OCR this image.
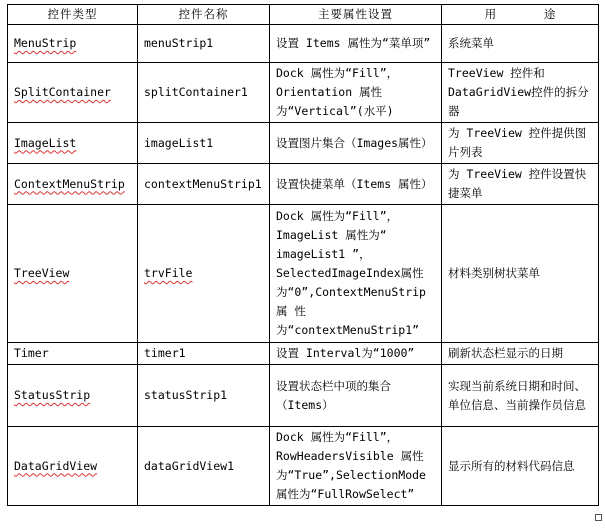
控件类型	控件名称	主要属性设置	用 途
MenuStrip	menuStrip1	设置 Items 属性为“菜单项”	系统菜单
SplitContainer	splitContainer1	Dock 属性为“Fill”，Orientation 属性为“Vertical”(水平)	TreeView 控件和 DataGridView控件的拆分器
ImageList	imageList1	设置图片集合（Images属性）	为 TreeView 控件提供图片列表
ContextMenuStrip	contextMenuStrip1	设置快捷菜单（Items 属性）	为 TreeView 控件设置快捷菜单
TreeView	trvFile	Dock 属性为“Fill”，ImageList 属性为“ imageList1 ”，SelectedImageIndex属性为“0”,ContextMenuStrip 属 性 为“contextMenuStrip1”	材料类别树状菜单
Timer	timer1	设置 Interval为“1000”	刷新状态栏显示的日期
StatusStrip	statusStrip1	设置状态栏中项的集合（Items）	实现当前系统日期和时间、单位信息、当前操作员信息
DataGridView	dataGridView1	Dock 属性为“Fill”，RowHeadersVisible 属性为“True”,SelectionMode 属性为“FullRowSelect”	显示所有的材料代码信息
